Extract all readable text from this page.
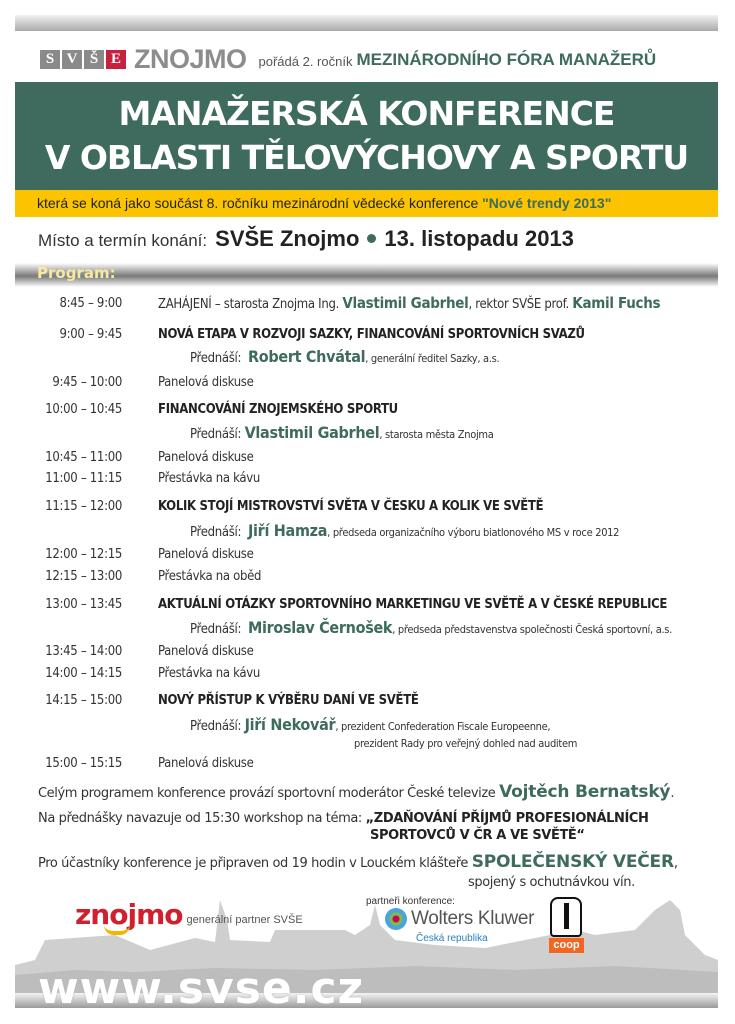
S V Š E ZNOJMO pořádá 2. ročník MEZINÁRODNÍHO FÓRA MANAŽERŮ
MANAŽERSKÁ KONFERENCE
V OBLASTI TĚLOVÝCHOVY A SPORTU
která se koná jako součást 8. ročníku mezinárodní vědecké konference "Nové trendy 2013"
Místo a termín konání: SVŠE Znojmo 13. listopadu 2013
Program:
8:45 – 9:00	ZAHÁJENÍ – starosta Znojma Ing. Vlastimil Gabrhel, rektor SVŠE prof. Kamil Fuchs
9:00 – 9:45	NOVÁ ETAPA V ROZVOJI SAZKY, FINANCOVÁNÍ SPORTOVNÍCH SVAZŮ
Přednáší: Robert Chvátal, generální ředitel Sazky, a.s.
9:45 – 10:00	Panelová diskuse
10:00 – 10:45	FINANCOVÁNÍ ZNOJEMSKÉHO SPORTU
Přednáší: Vlastimil Gabrhel, starosta města Znojma
10:45 – 11:00	Panelová diskuse
11:00 – 11:15	Přestávka na kávu
11:15 – 12:00	KOLIK STOJÍ MISTROVSTVÍ SVĚTA V ČESKU A KOLIK VE SVĚTĚ
Přednáší: Jiří Hamza, předseda organizačního výboru biatlonového MS v roce 2012
12:00 – 12:15	Panelová diskuse
12:15 – 13:00	Přestávka na oběd
13:00 – 13:45	AKTUÁLNÍ OTÁZKY SPORTOVNÍHO MARKETINGU VE SVĚTĚ A V ČESKÉ REPUBLICE
Přednáší: Miroslav Černošek, předseda představenstva společnosti Česká sportovní, a.s.
13:45 – 14:00	Panelová diskuse
14:00 – 14:15	Přestávka na kávu
14:15 – 15:00	NOVÝ PŘÍSTUP K VÝBĚRU DANÍ VE SVĚTĚ
Přednáší: Jiří Nekovář, prezident Confederation Fiscale Europeenne,
prezident Rady pro veřejný dohled nad auditem
15:00 – 15:15	Panelová diskuse
Celým programem konference provází sportovní moderátor České televize Vojtěch Bernatský.
Na přednášky navazuje od 15:30 workshop na téma: „ZDAŇOVÁNÍ PŘÍJMŮ PROFESIONÁLNÍCH
SPORTOVCŮ V ČR A VE SVĚTĚ“
Pro účastníky konference je připraven od 19 hodin v Louckém klášteře SPOLEČENSKÝ VEČER,
spojený s ochutnávkou vín.
www.svse.cz
znojmo generální partner SVŠE
partneři konference:
Wolters Kluwer
Česká republika
coop
